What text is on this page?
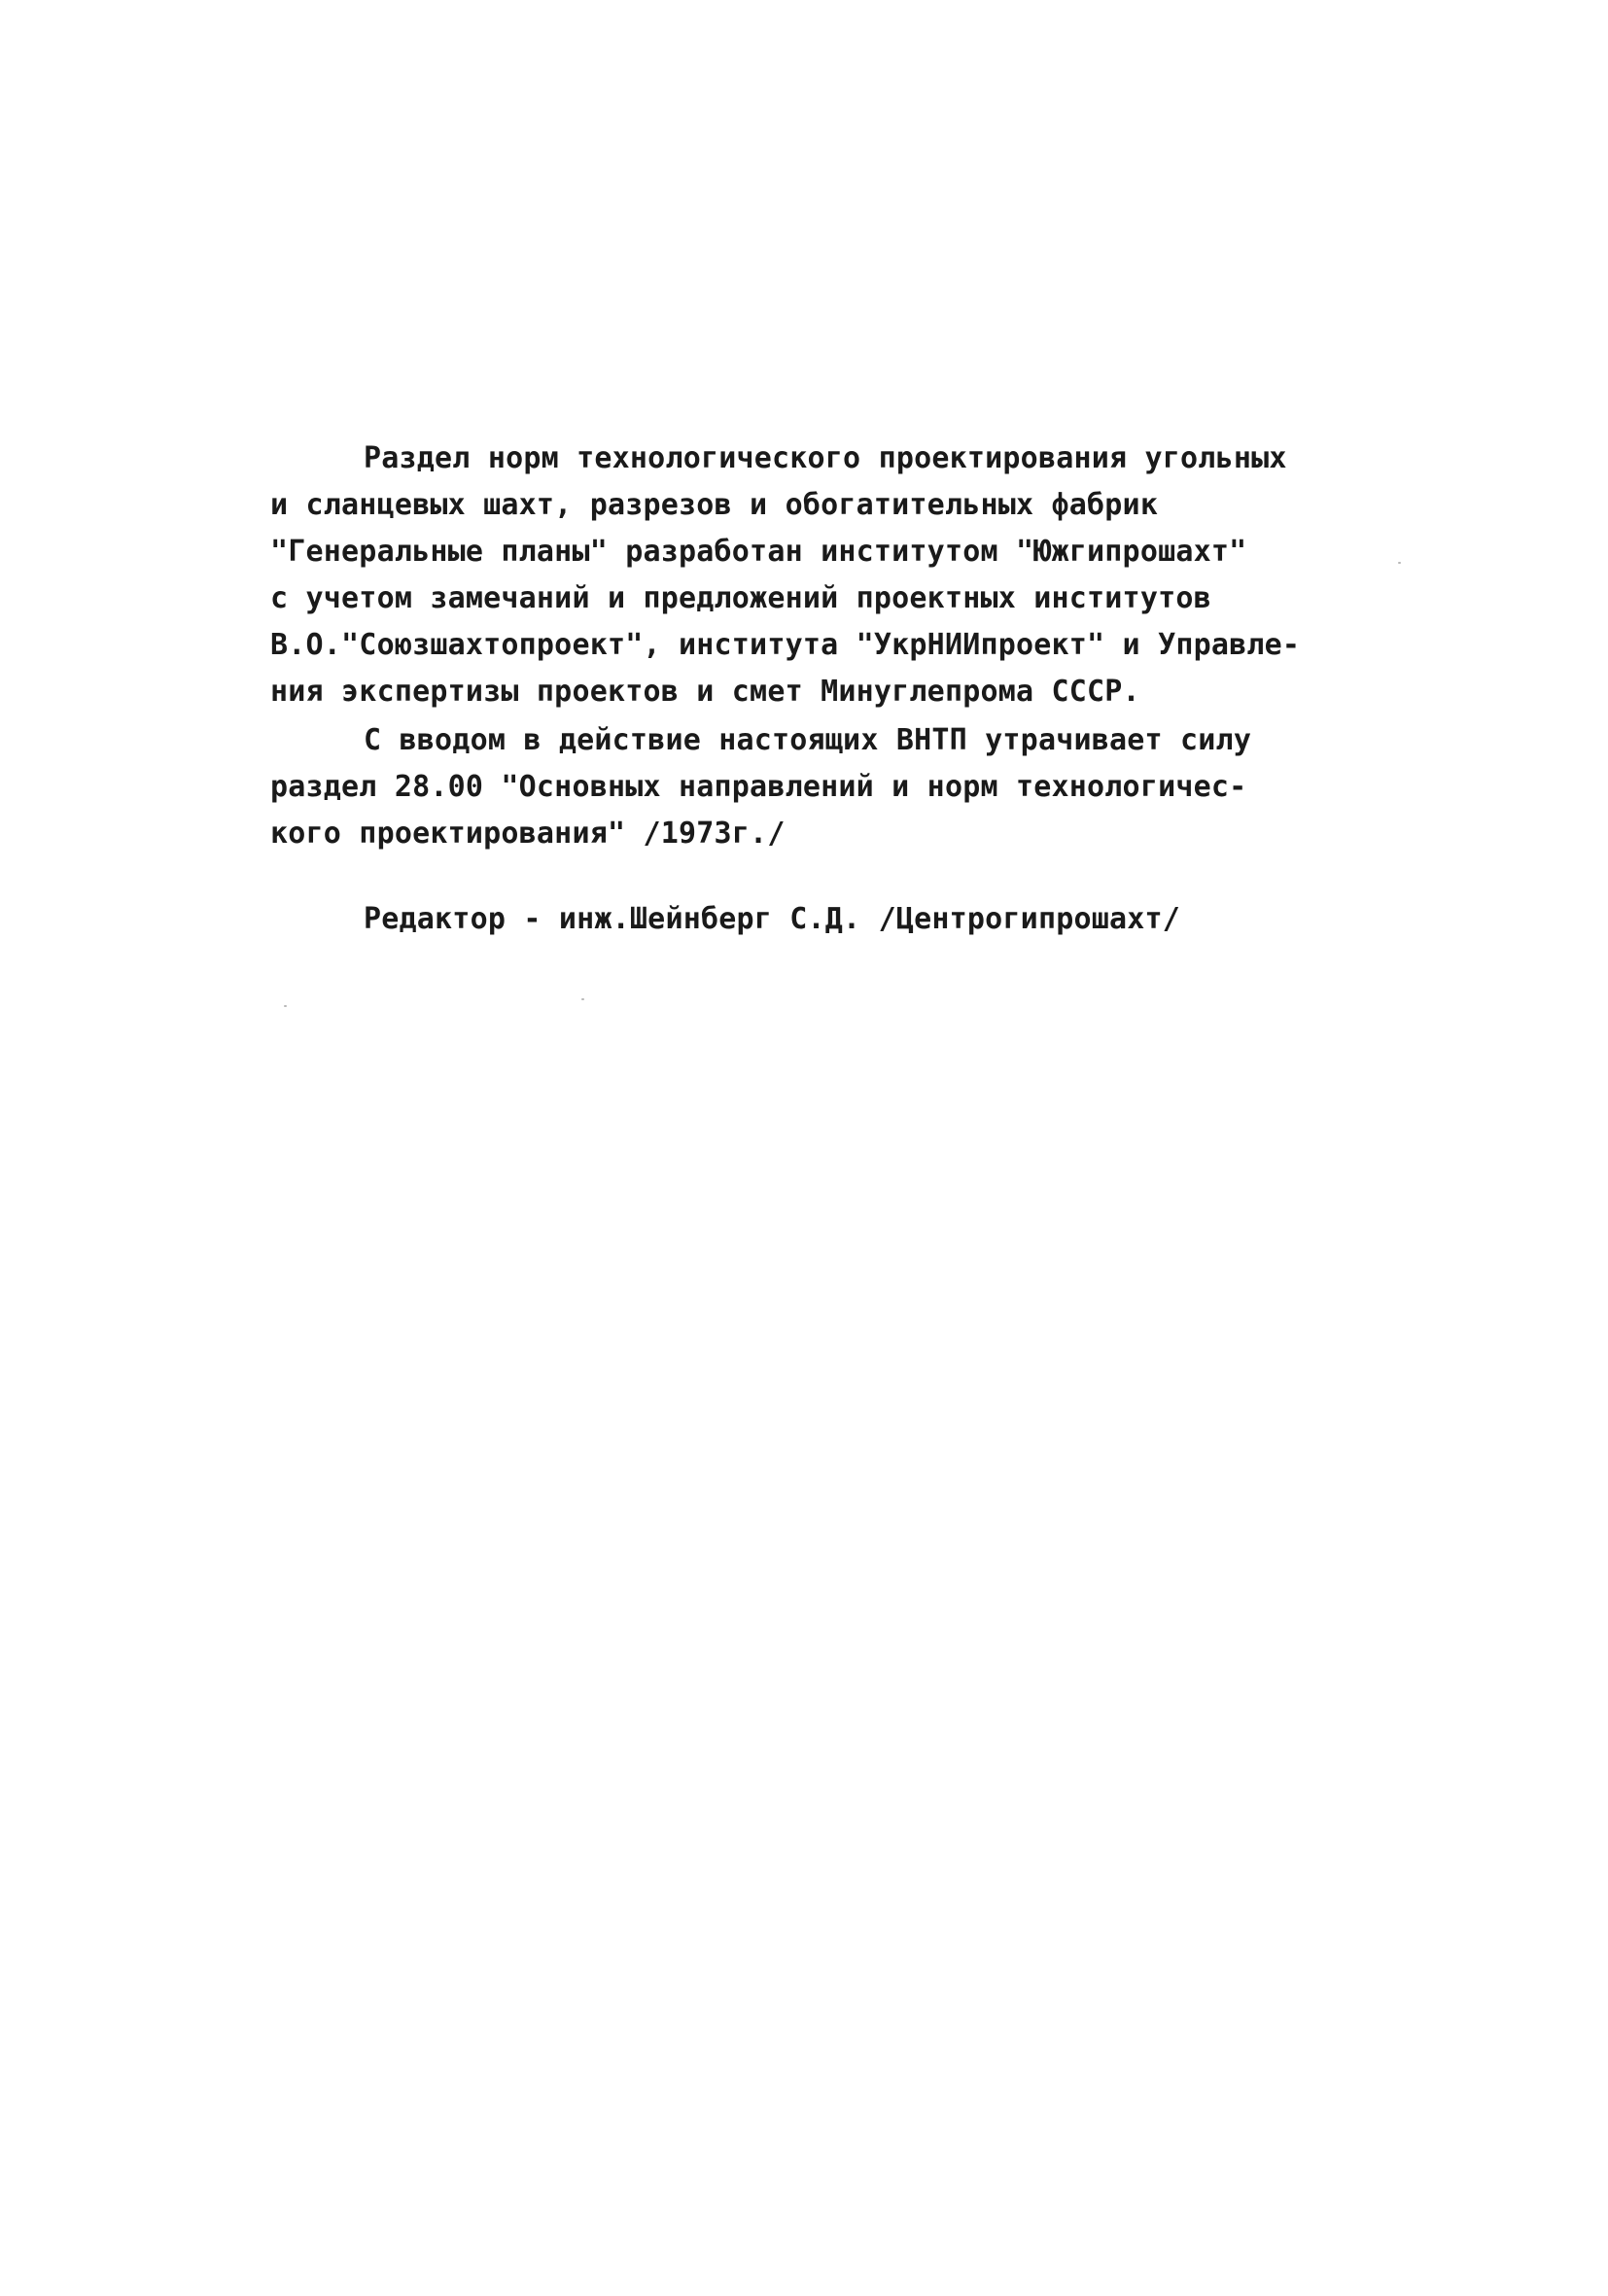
Раздел норм технологического проектирования угольных
и сланцевых шахт, разрезов и обогатительных фабрик
"Генеральные планы" разработан институтом "Южгипрошахт"
с учетом замечаний и предложений проектных институтов
В.О."Союзшахтопроект", института "УкрНИИпроект" и Управле-
ния экспертизы проектов и смет Минуглепрома СССР.
С вводом в действие настоящих ВНТП утрачивает силу
раздел 28.00 "Основных направлений и норм технологичес-
кого проектирования" /1973г./
Редактор - инж.Шейнберг С.Д. /Центрогипрошахт/
